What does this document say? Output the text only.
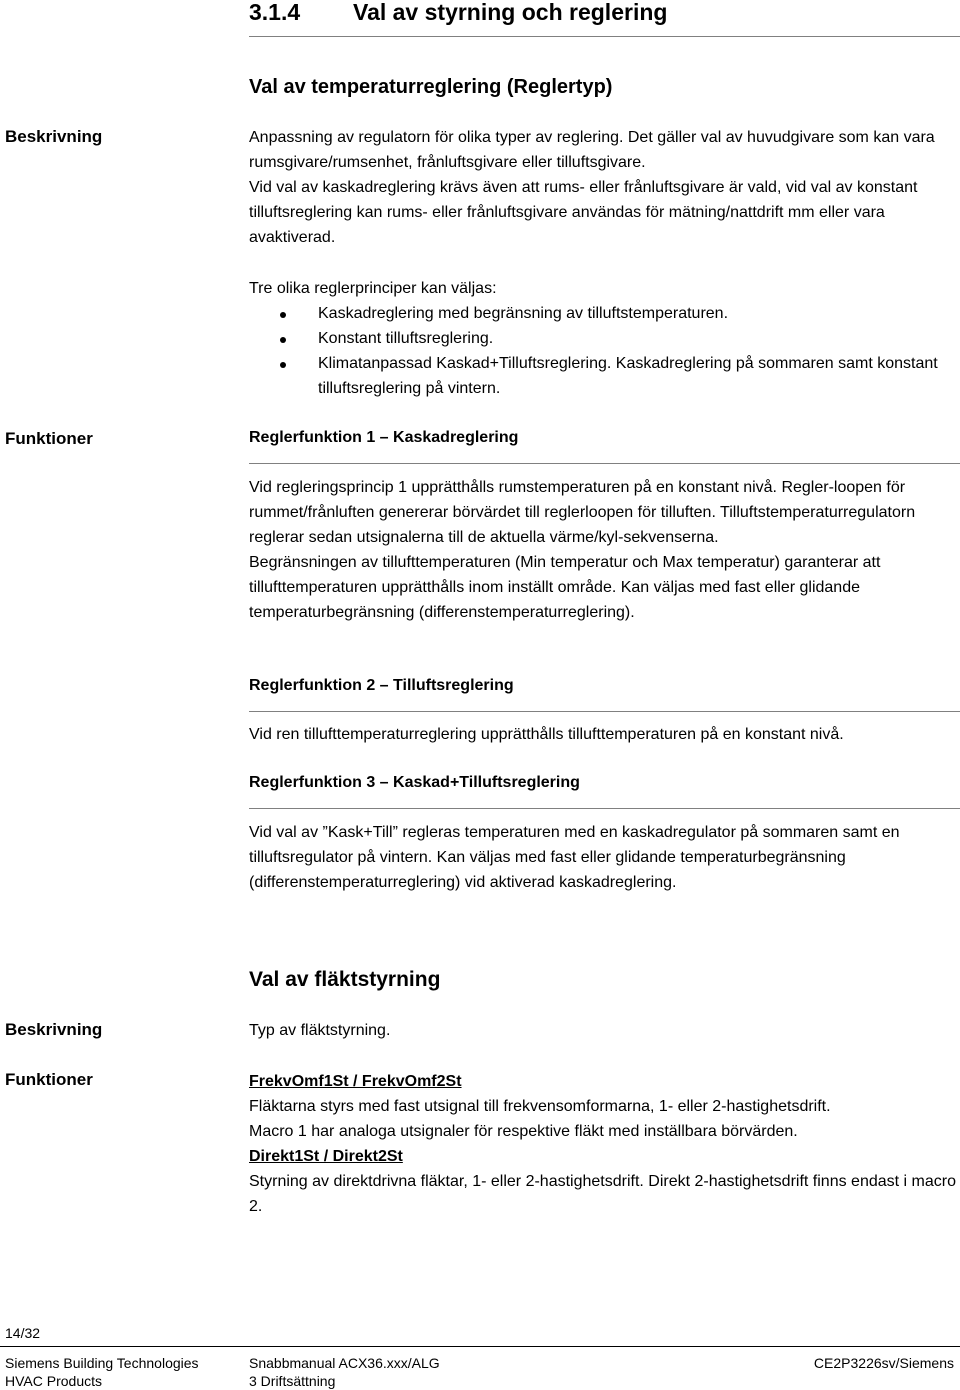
3.1.4 Val av styrning och reglering
Val av temperaturreglering (Reglertyp)
Beskrivning	Anpassning av regulatorn för olika typer av reglering. Det gäller val av huvudgivare som kan vara rumsgivare/rumsenhet, frånluftsgivare eller tilluftsgivare.

Vid val av kaskadreglering krävs även att rums- eller frånluftsgivare är vald, vid val av konstant tilluftsreglering kan rums- eller frånluftsgivare användas för mätning/nattdrift mm eller vara avaktiverad.

Tre olika reglerprinciper kan väljas:

Kaskadreglering med begränsning av tilluftstemperaturen.
Konstant tilluftsreglering.
Klimatanpassad Kaskad+Tilluftsreglering. Kaskadreglering på sommaren samt konstant tilluftsreglering på vintern.
Funktioner	Reglerfunktion 1 – Kaskadreglering

Vid regleringsprincip 1 upprätthålls rumstemperaturen på en konstant nivå. Regler-loopen för rummet/frånluften genererar börvärdet till reglerloopen för tilluften. Tilluftstemperaturregulatorn reglerar sedan utsignalerna till de aktuella värme/kyl-sekvenserna.

Begränsningen av tillufttemperaturen (Min temperatur och Max temperatur) garanterar att tillufttemperaturen upprätthålls inom inställt område. Kan väljas med fast eller glidande temperaturbegränsning (differenstemperaturreglering).

Reglerfunktion 2 – Tilluftsreglering
Vid ren tillufttemperaturreglering upprätthålls tillufttemperaturen på en konstant nivå.
Reglerfunktion 3 – Kaskad+Tilluftsreglering
Vid val av ”Kask+Till” regleras temperaturen med en kaskadregulator på sommaren samt en tilluftsregulator på vintern. Kan väljas med fast eller glidande temperaturbegränsning (differenstemperaturreglering) vid aktiverad kaskadreglering.
Val av fläktstyrning
Beskrivning	Typ av fläktstyrning.
Funktioner	FrekvOmf1St / FrekvOmf2St

Fläktarna styrs med fast utsignal till frekvensomformarna, 1- eller 2-hastighetsdrift.

Macro 1 har analoga utsignaler för respektive fläkt med inställbara börvärden.

Direkt1St / Direkt2St

Styrning av direktdrivna fläktar, 1- eller 2-hastighetsdrift. Direkt 2-hastighetsdrift finns endast i macro 2.

14/32
Siemens Building Technologies
HVAC Products
Snabbmanual ACX36.xxx/ALG
3 Driftsättning
CE2P3226sv/Siemens
